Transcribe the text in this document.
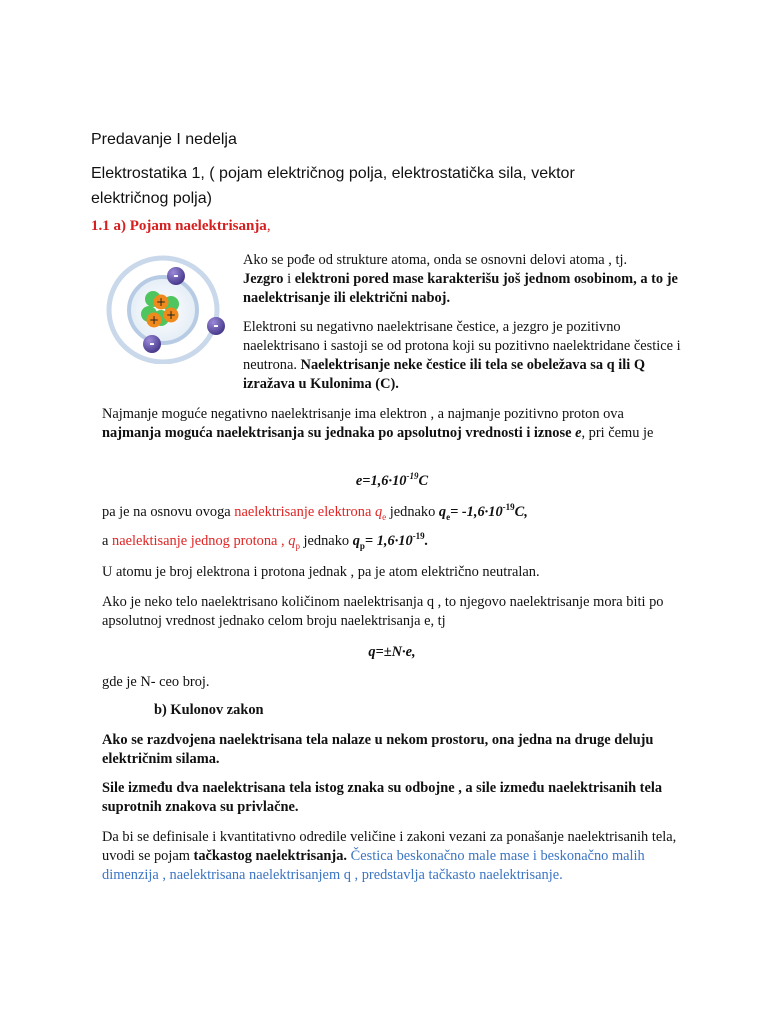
Predavanje I nedelja
Elektrostatika 1, ( pojam električnog polja, elektrostatička sila, vektor električnog polja)
1.1 a) Pojam naelektrisanja,
+
+
+
-
-
-

Ako se pođe od strukture atoma, onda se osnovni delovi atoma , tj.
Jezgro i elektroni pored mase karakterišu još jednom osobinom, a to je naelektrisanje ili električni naboj.

Elektroni su negativno naelektrisane čestice, a jezgro je pozitivno naelektrisano i sastoji se od protona koji su pozitivno naelektridane čestice i neutrona. Naelektrisanje neke čestice ili tela se obeležava sa q ili Q izražava u Kulonima (C).

Najmanje moguće negativno naelektrisanje ima elektron , a najmanje pozitivno proton ova najmanja moguća naelektrisanja su jednaka po apsolutnoj vrednosti i iznose e, pri čemu je

$e=1,6\cdot 10^{-19}C$

pa je na osnovu ovoga naelektrisanje elektrona $q_e$ jednako $q_e= -1,6\cdot 10^{-19}C$,

a naelektisanje jednog protona , $q_p$ jednako $q_p= 1,6\cdot 10^{-19}$.

U atomu je broj elektrona i protona jednak , pa je atom električno neutralan.

Ako je neko telo naelektrisano količinom naelektrisanja q , to njegovo naelektrisanje mora biti po apsolutnoj vrednost jednako celom broju naelektrisanja e, tj

q=±N·e,

gde je N- ceo broj.

b) Kulonov zakon

Ako se razdvojena naelektrisana tela nalaze u nekom prostoru, ona jedna na druge deluju električnim silama.

Sile između dva naelektrisana tela istog znaka su odbojne , a sile između naelektrisanih tela suprotnih znakova su privlačne.

Da bi se definisale i kvantitativno odredile veličine i zakoni vezani za ponašanje naelektrisanih tela, uvodi se pojam tačkastog naelektrisanja. Čestica beskonačno male mase i beskonačno malih dimenzija , naelektrisana naelektrisanjem q , predstavlja tačkasto naelektrisanje.
